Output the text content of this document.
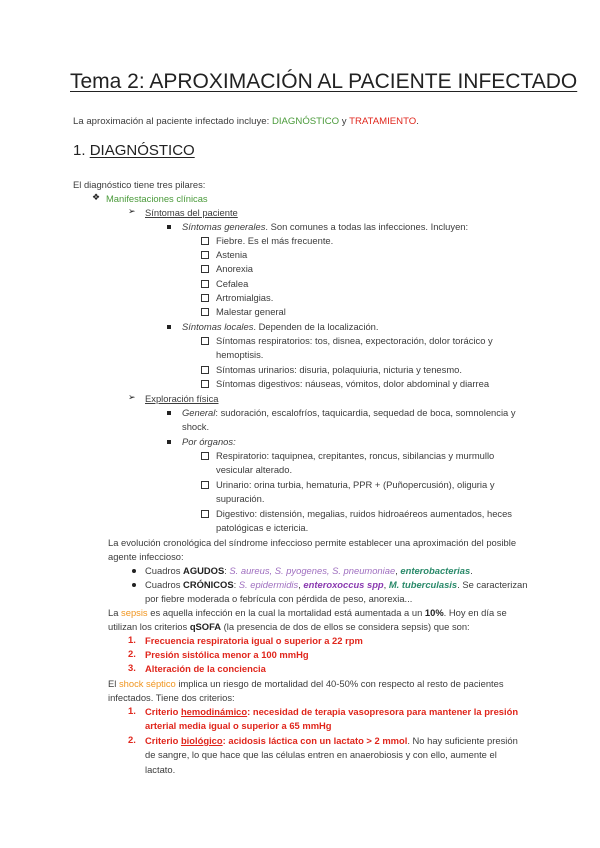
Tema 2: APROXIMACIÓN AL PACIENTE INFECTADO
La aproximación al paciente infectado incluye: DIAGNÓSTICO y TRATAMIENTO.
1. DIAGNÓSTICO
El diagnóstico tiene tres pilares:
❖ Manifestaciones clínicas
➢ Síntomas del paciente
Síntomas generales. Son comunes a todas las infecciones. Incluyen:
Fiebre. Es el más frecuente.
Astenia
Anorexia
Cefalea
Artromialgias.
Malestar general
Síntomas locales. Dependen de la localización.
Síntomas respiratorios: tos, disnea, expectoración, dolor torácico y hemoptisis.
Síntomas urinarios: disuria, polaquiuria, nicturia y tenesmo.
Síntomas digestivos: náuseas, vómitos, dolor abdominal y diarrea
➢ Exploración física
General: sudoración, escalofríos, taquicardia, sequedad de boca, somnolencia y shock.
Por órganos:
Respiratorio: taquipnea, crepitantes, roncus, sibilancias y murmullo vesicular alterado.
Urinario: orina turbia, hematuria, PPR + (Puñopercusión), oliguria y supuración.
Digestivo: distensión, megalias, ruidos hidroaéreos aumentados, heces patológicas e ictericia.
La evolución cronológica del síndrome infeccioso permite establecer una aproximación del posible agente infeccioso:
Cuadros AGUDOS: S. aureus, S. pyogenes, S. pneumoniae, enterobacterias.
Cuadros CRÓNICOS: S. epidermidis, enteroxoccus spp, M. tuberculasis. Se caracterizan por fiebre moderada o febrícula con pérdida de peso, anorexia...
La sepsis es aquella infección en la cual la mortalidad está aumentada a un 10%. Hoy en día se utilizan los criterios qSOFA (la presencia de dos de ellos se considera sepsis) que son:
1. Frecuencia respiratoria igual o superior a 22 rpm
2. Presión sistólica menor a 100 mmHg
3. Alteración de la conciencia
El shock séptico implica un riesgo de mortalidad del 40-50% con respecto al resto de pacientes infectados. Tiene dos criterios:
1. Criterio hemodinámico: necesidad de terapia vasopresora para mantener la presión arterial media igual o superior a 65 mmHg
2. Criterio biológico: acidosis láctica con un lactato > 2 mmol. No hay suficiente presión de sangre, lo que hace que las células entren en anaerobiosis y con ello, aumente el lactato.
